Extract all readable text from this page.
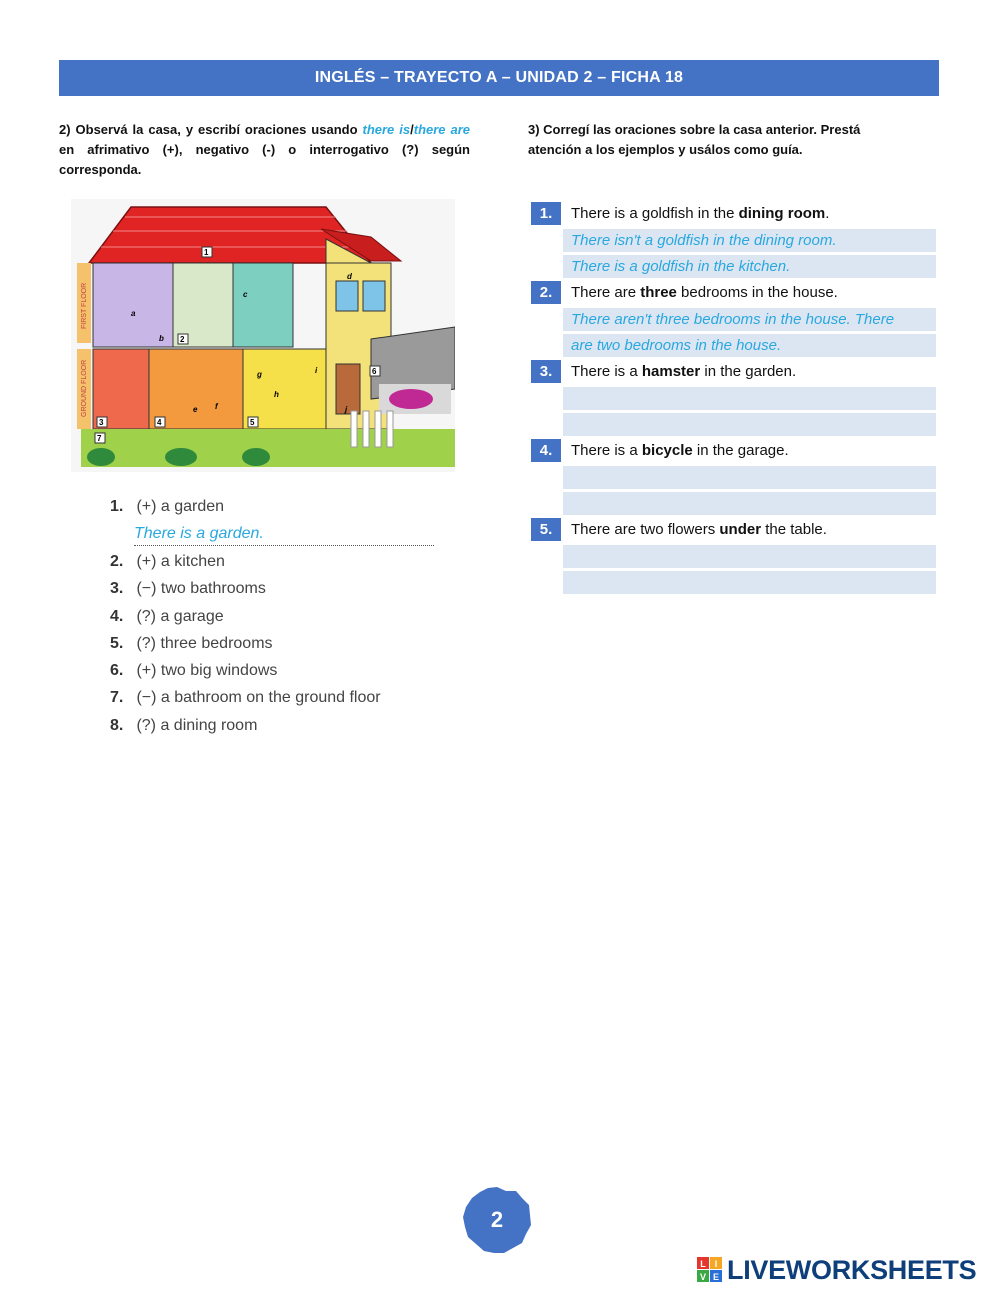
INGLÉS – TRAYECTO A – UNIDAD 2 – FICHA 18
2) Observá la casa, y escribí oraciones usando there is/there are en afrimativo (+), negativo (-) o interrogativo (?) según corresponda.
3) Corregí las oraciones sobre la casa anterior. Prestá atención a los ejemplos y usálos como guía.
FIRST FLOOR
GROUND FLOOR
1
2
3	4	5
6
7
a
b
c
d
e f
g
h
i
j
1. (+) a garden
There is a garden.
2. (+) a kitchen
3. (−) two bathrooms
4. (?) a garage
5. (?) three bedrooms
6. (+) two big windows
7. (−) a bathroom on the ground floor
8. (?) a dining room
1.	There is a goldfish in the dining room.
There isn't a goldfish in the dining room.
There is a goldfish in the kitchen.
2.	There are three bedrooms in the house.
There aren't three bedrooms in the house. There
are two bedrooms in the house.
3.	There is a hamster in the garden.
4.	There is a bicycle in the garage.
5.	There are two flowers under the table.
2
L I
V E LIVEWORKSHEETS
